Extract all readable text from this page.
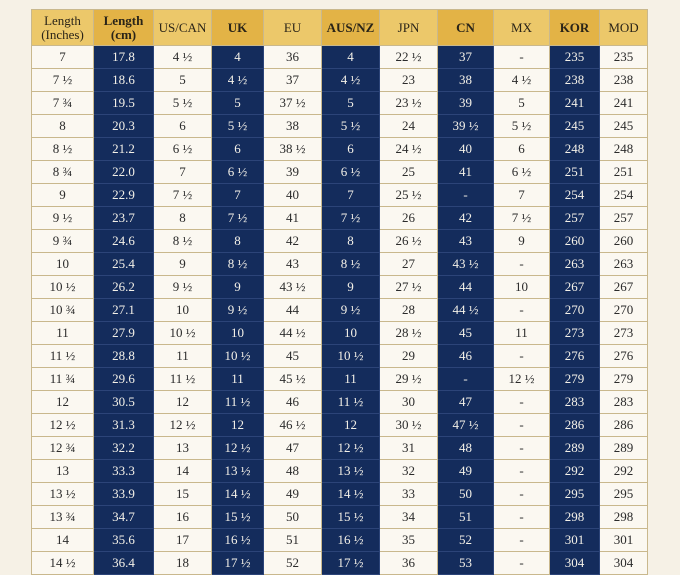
Length (Inches)	Length (cm)	US/CAN	UK	EU	AUS/NZ	JPN	CN	MX	KOR	MOD
7	17.8	4 ½	4	36	4	22 ½	37	-	235	235
7 ½	18.6	5	4 ½	37	4 ½	23	38	4 ½	238	238
7 ¾	19.5	5 ½	5	37 ½	5	23 ½	39	5	241	241
8	20.3	6	5 ½	38	5 ½	24	39 ½	5 ½	245	245
8 ½	21.2	6 ½	6	38 ½	6	24 ½	40	6	248	248
8 ¾	22.0	7	6 ½	39	6 ½	25	41	6 ½	251	251
9	22.9	7 ½	7	40	7	25 ½	-	7	254	254
9 ½	23.7	8	7 ½	41	7 ½	26	42	7 ½	257	257
9 ¾	24.6	8 ½	8	42	8	26 ½	43	9	260	260
10	25.4	9	8 ½	43	8 ½	27	43 ½	-	263	263
10 ½	26.2	9 ½	9	43 ½	9	27 ½	44	10	267	267
10 ¾	27.1	10	9 ½	44	9 ½	28	44 ½	-	270	270
11	27.9	10 ½	10	44 ½	10	28 ½	45	11	273	273
11 ½	28.8	11	10 ½	45	10 ½	29	46	-	276	276
11 ¾	29.6	11 ½	11	45 ½	11	29 ½	-	12 ½	279	279
12	30.5	12	11 ½	46	11 ½	30	47	-	283	283
12 ½	31.3	12 ½	12	46 ½	12	30 ½	47 ½	-	286	286
12 ¾	32.2	13	12 ½	47	12 ½	31	48	-	289	289
13	33.3	14	13 ½	48	13 ½	32	49	-	292	292
13 ½	33.9	15	14 ½	49	14 ½	33	50	-	295	295
13 ¾	34.7	16	15 ½	50	15 ½	34	51	-	298	298
14	35.6	17	16 ½	51	16 ½	35	52	-	301	301
14 ½	36.4	18	17 ½	52	17 ½	36	53	-	304	304
